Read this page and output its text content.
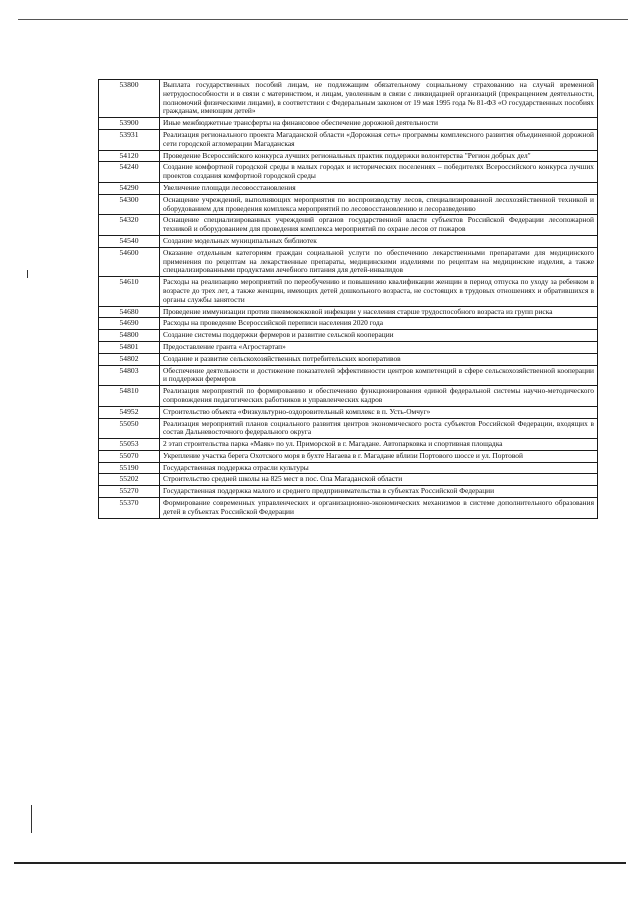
53800	Выплата государственных пособий лицам, не подлежащим обязательному социальному страхованию на случай временной нетрудоспособности и в связи с материнством, и лицам, уволенным в связи с ликвидацией организаций (прекращением деятельности, полномочий физическими лицами), в соответствии с Федеральным законом от 19 мая 1995 года № 81-ФЗ «О государственных пособиях гражданам, имеющим детей»
53900	Иные межбюджетные трансферты на финансовое обеспечение дорожной деятельности
53931	Реализация регионального проекта Магаданской области «Дорожная сеть» программы комплексного развития объединенной дорожной сети городской агломерации Магаданская
54120	Проведение Всероссийского конкурса лучших региональных практик поддержки волонтерства "Регион добрых дел"
54240	Создание комфортной городской среды в малых городах и исторических поселениях – победителях Всероссийского конкурса лучших проектов создания комфортной городской среды
54290	Увеличение площади лесовосстановления
54300	Оснащение учреждений, выполняющих мероприятия по воспроизводству лесов, специализированной лесохозяйственной техникой и оборудованием для проведения комплекса мероприятий по лесовосстановлению и лесоразведению
54320	Оснащение специализированных учреждений органов государственной власти субъектов Российской Федерации лесопожарной техникой и оборудованием для проведения комплекса мероприятий по охране лесов от пожаров
54540	Создание модельных муниципальных библиотек
54600	Оказание отдельным категориям граждан социальной услуги по обеспечению лекарственными препаратами для медицинского применения по рецептам на лекарственные препараты, медицинскими изделиями по рецептам на медицинские изделия, а также специализированными продуктами лечебного питания для детей-инвалидов
54610	Расходы на реализацию мероприятий по переобучению и повышению квалификации женщин в период отпуска по уходу за ребенком в возрасте до трех лет, а также женщин, имеющих детей дошкольного возраста, не состоящих в трудовых отношениях и обратившихся в органы службы занятости
54680	Проведение иммунизации против пневмококковой инфекции у населения старше трудоспособного возраста из групп риска
54690	Расходы на проведение Всероссийской переписи населения 2020 года
54800	Создание системы поддержки фермеров и развитие сельской кооперации
54801	Предоставление гранта «Агростартап»
54802	Создание и развитие сельскохозяйственных потребительских кооперативов
54803	Обеспечение деятельности и достижение показателей эффективности центров компетенций в сфере сельскохозяйственной кооперации и поддержки фермеров
54810	Реализация мероприятий по формированию и обеспечению функционирования единой федеральной системы научно-методического сопровождения педагогических работников и управленческих кадров
54952	Строительство объекта «Физкультурно-оздоровительный комплекс в п. Усть-Омчуг»
55050	Реализация мероприятий планов социального развития центров экономического роста субъектов Российской Федерации, входящих в состав Дальневосточного федерального округа
55053	2 этап строительства парка «Маяк» по ул. Приморской в г. Магадане. Автопарковка и спортивная площадка
55070	Укрепление участка берега Охотского моря в бухте Нагаева в г. Магадане вблизи Портового шоссе и ул. Портовой
55190	Государственная поддержка отрасли культуры
55202	Строительство средней школы на 825 мест в пос. Ола Магаданской области
55270	Государственная поддержка малого и среднего предпринимательства в субъектах Российской Федерации
55370	Формирование современных управленческих и организационно-экономических механизмов в системе дополнительного образования детей в субъектах Российской Федерации
